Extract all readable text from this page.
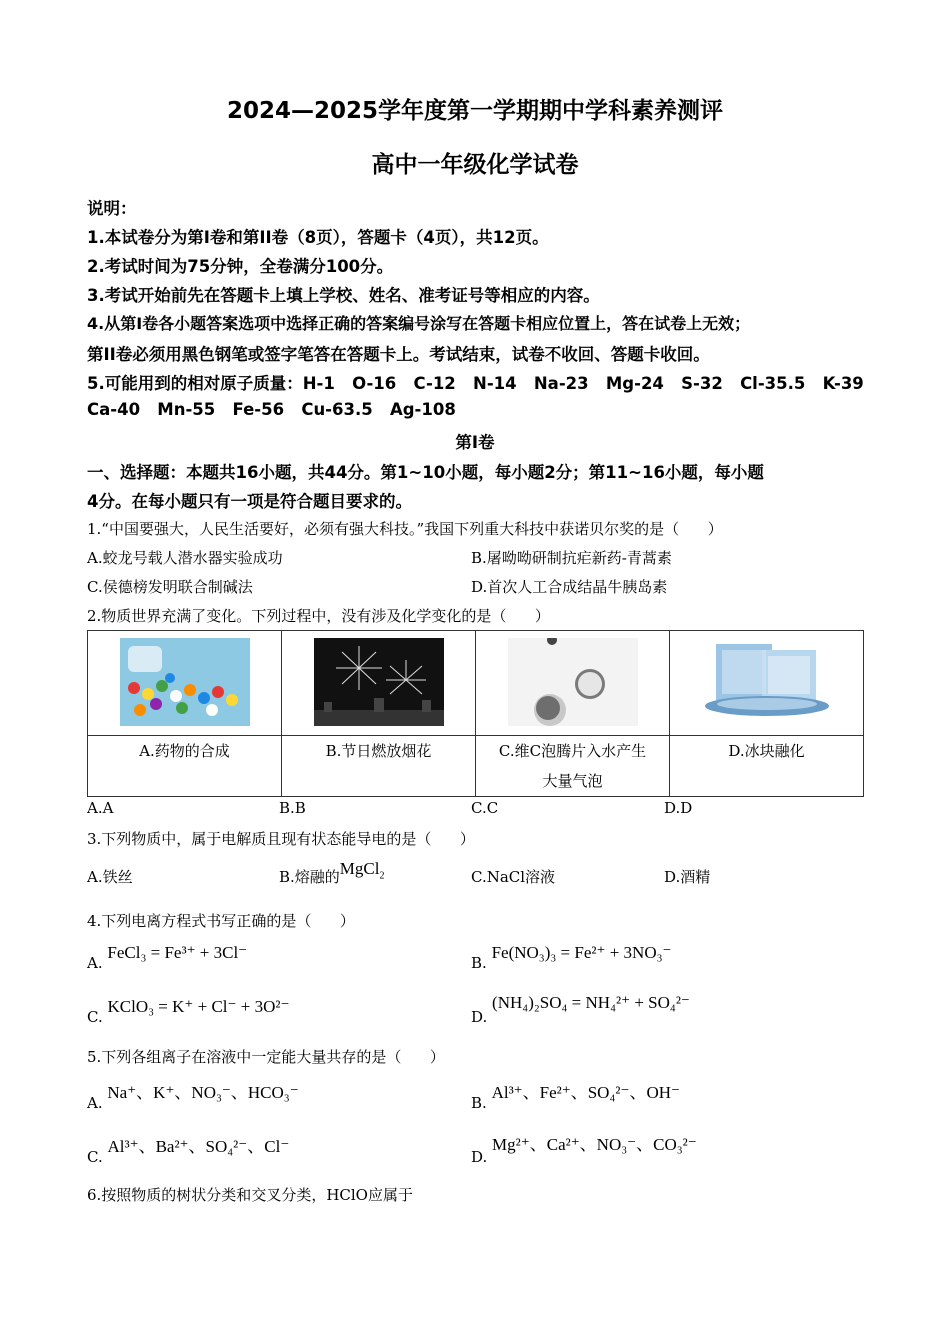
2024—2025学年度第一学期期中学科素养测评
高中一年级化学试卷
说明：
1.本试卷分为第I卷和第II卷（8页），答题卡（4页），共12页。
2.考试时间为75分钟，全卷满分100分。
3.考试开始前先在答题卡上填上学校、姓名、准考证号等相应的内容。
4.从第I卷各小题答案选项中选择正确的答案编号涂写在答题卡相应位置上，答在试卷上无效；
第II卷必须用黑色钢笔或签字笔答在答题卡上。考试结束，试卷不收回、答题卡收回。
5.可能用到的相对原子质量：H-1   O-16   C-12   N-14   Na-23   Mg-24   S-32   Cl-35.5   K-39
Ca-40   Mn-55   Fe-56   Cu-63.5   Ag-108
第I卷
一、选择题：本题共16小题，共44分。第1~10小题，每小题2分；第11~16小题，每小题
4分。在每小题只有一项是符合题目要求的。
1.“中国要强大，人民生活要好，必须有强大科技。”我国下列重大科技中获诺贝尔奖的是（      ）
A.蛟龙号载人潜水器实验成功	B.屠呦呦研制抗疟新药-青蒿素
C.侯德榜发明联合制碱法	D.首次人工合成结晶牛胰岛素
2.物质世界充满了变化。下列过程中，没有涉及化学变化的是（      ）

A.药物的合成	B.节日燃放烟花	C.维C泡腾片入水产生
大量气泡	D.冰块融化
A.A	B.B	C.C	D.D
3.下列物质中，属于电解质且现有状态能导电的是（      ）
A.铁丝	B.熔融的MgCl$_2$	C.NaCl溶液	D.酒精
4.下列电离方程式书写正确的是（      ）
A. FeCl₃ = Fe³⁺ + 3Cl⁻
B. Fe(NO₃)₃ = Fe²⁺ + 3NO₃⁻
C. KClO₃ = K⁺ + Cl⁻ + 3O²⁻
D. (NH₄)₂SO₄ = NH₄²⁺ + SO₄²⁻
5.下列各组离子在溶液中一定能大量共存的是（      ）
A. Na⁺、K⁺、NO₃⁻、HCO₃⁻
B. Al³⁺、Fe²⁺、SO₄²⁻、OH⁻
C. Al³⁺、Ba²⁺、SO₄²⁻、Cl⁻
D. Mg²⁺、Ca²⁺、NO₃⁻、CO₃²⁻
6.按照物质的树状分类和交叉分类，HClO应属于
